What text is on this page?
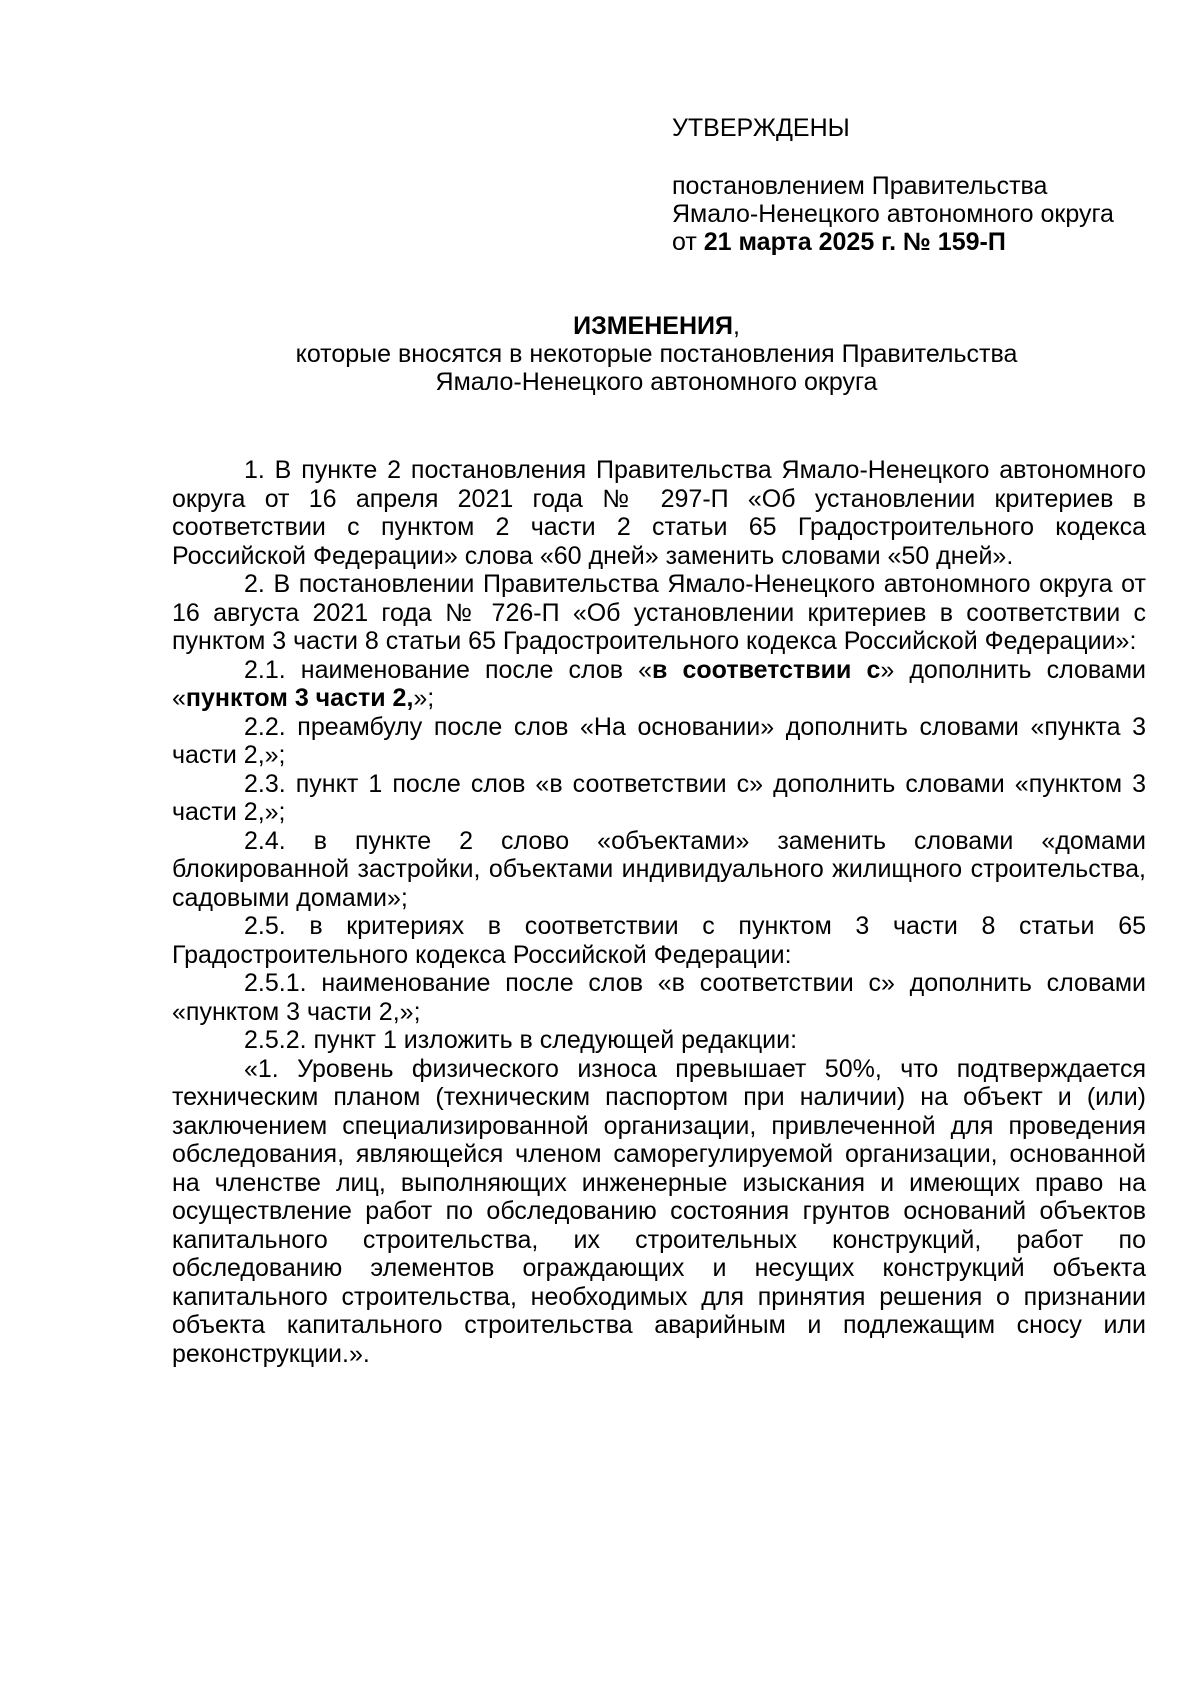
УТВЕРЖДЕНЫ

постановлением Правительства

Ямало-Ненецкого автономного округа

от 21 марта 2025 г. № 159-П

ИЗМЕНЕНИЯ,

которые вносятся в некоторые постановления Правительства

Ямало-Ненецкого автономного округа

1. В пункте 2 постановления Правительства Ямало-Ненецкого автономного округа от 16 апреля 2021 года № 297-П «Об установлении критериев в соответствии с пунктом 2 части 2 статьи 65 Градостроительного кодекса Российской Федерации» слова «60 дней» заменить словами «50 дней».

2. В постановлении Правительства Ямало-Ненецкого автономного округа от 16 августа 2021 года № 726-П «Об установлении критериев в соответствии с пунктом 3 части 8 статьи 65 Градостроительного кодекса Российской Федерации»:

2.1. наименование после слов «в соответствии с» дополнить словами «пунктом 3 части 2,»;

2.2. преамбулу после слов «На основании» дополнить словами «пункта 3 части 2,»;

2.3. пункт 1 после слов «в соответствии с» дополнить словами «пунктом 3 части 2,»;

2.4. в пункте 2 слово «объектами» заменить словами «домами блокированной застройки, объектами индивидуального жилищного строительства, садовыми домами»;

2.5. в критериях в соответствии с пунктом 3 части 8 статьи 65 Градостроительного кодекса Российской Федерации:

2.5.1. наименование после слов «в соответствии с» дополнить словами «пунктом 3 части 2,»;

2.5.2. пункт 1 изложить в следующей редакции:

«1. Уровень физического износа превышает 50%, что подтверждается техническим планом (техническим паспортом при наличии) на объект и (или) заключением специализированной организации, привлеченной для проведения обследования, являющейся членом саморегулируемой организации, основанной на членстве лиц, выполняющих инженерные изыскания и имеющих право на осуществление работ по обследованию состояния грунтов оснований объектов капитального строительства, их строительных конструкций, работ по обследованию элементов ограждающих и несущих конструкций объекта капитального строительства, необходимых для принятия решения о признании объекта капитального строительства аварийным и подлежащим сносу или реконструкции.».
